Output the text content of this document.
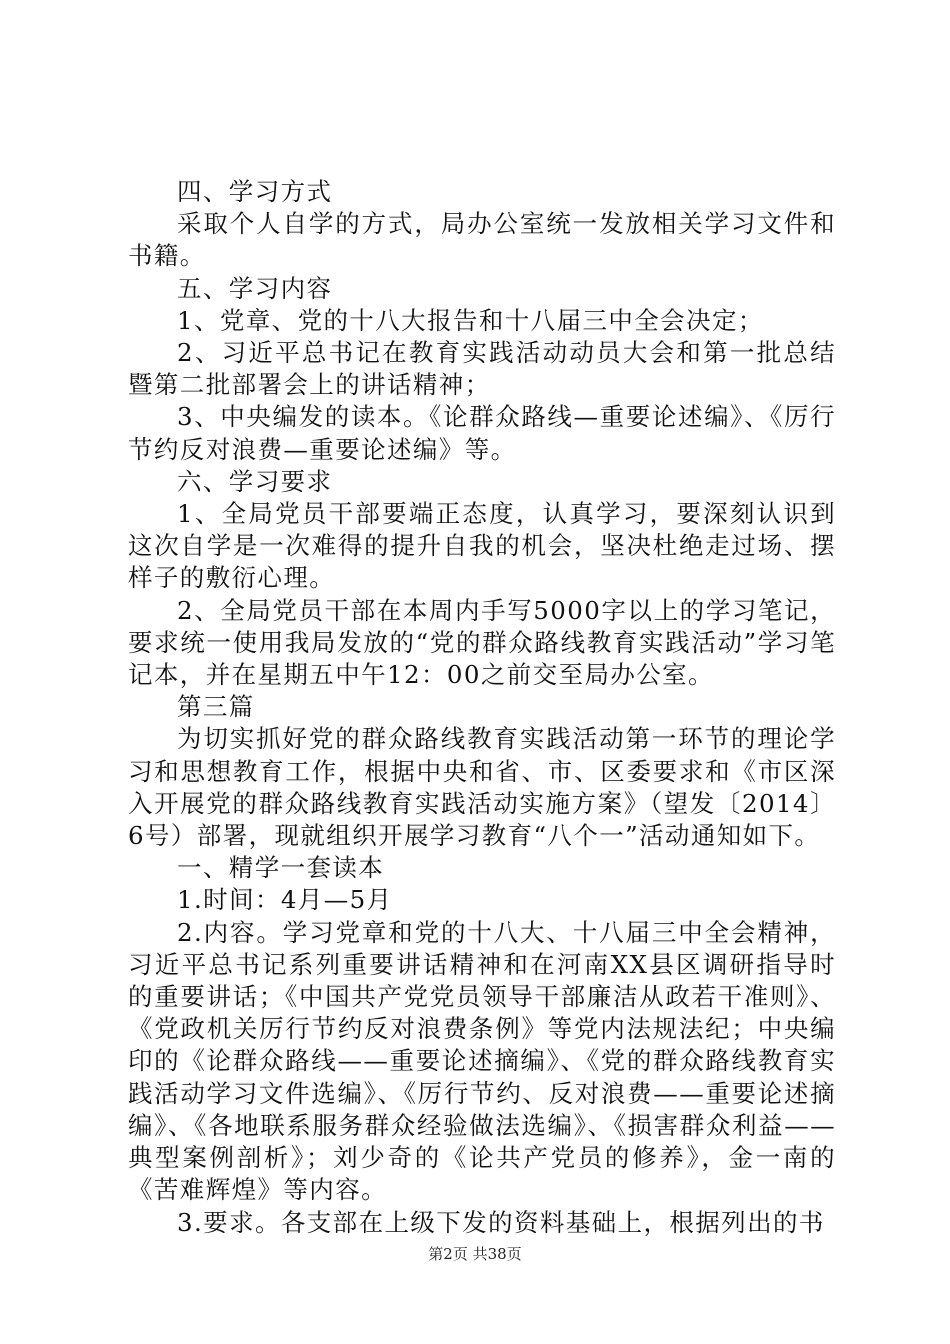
四、学习方式

采取个人自学的方式，局办公室统一发放相关学习文件和书籍。

五、学习内容

1、党章、党的十八大报告和十八届三中全会决定；

2、习近平总书记在教育实践活动动员大会和第一批总结暨第二批部署会上的讲话精神；

3、中央编发的读本。《论群众路线—重要论述编》、《厉行节约反对浪费—重要论述编》等。

六、学习要求

1、全局党员干部要端正态度，认真学习，要深刻认识到这次自学是一次难得的提升自我的机会，坚决杜绝走过场、摆样子的敷衍心理。

2、全局党员干部在本周内手写5000字以上的学习笔记，要求统一使用我局发放的“党的群众路线教育实践活动”学习笔记本，并在星期五中午12：00之前交至局办公室。

第三篇

为切实抓好党的群众路线教育实践活动第一环节的理论学习和思想教育工作，根据中央和省、市、区委要求和《市区深入开展党的群众路线教育实践活动实施方案》（望发〔2014〕6号）部署，现就组织开展学习教育“八个一”活动通知如下。

一、精学一套读本

1.时间：4月—5月

2.内容。学习党章和党的十八大、十八届三中全会精神，习近平总书记系列重要讲话精神和在河南XX县区调研指导时的重要讲话；《中国共产党党员领导干部廉洁从政若干准则》、《党政机关厉行节约反对浪费条例》等党内法规法纪；中央编印的《论群众路线——重要论述摘编》、《党的群众路线教育实践活动学习文件选编》、《厉行节约、反对浪费——重要论述摘编》、《各地联系服务群众经验做法选编》、《损害群众利益——典型案例剖析》；刘少奇的《论共产党员的修养》，金一南的《苦难辉煌》等内容。

3.要求。各支部在上级下发的资料基础上，根据列出的书

第2页 共38页
